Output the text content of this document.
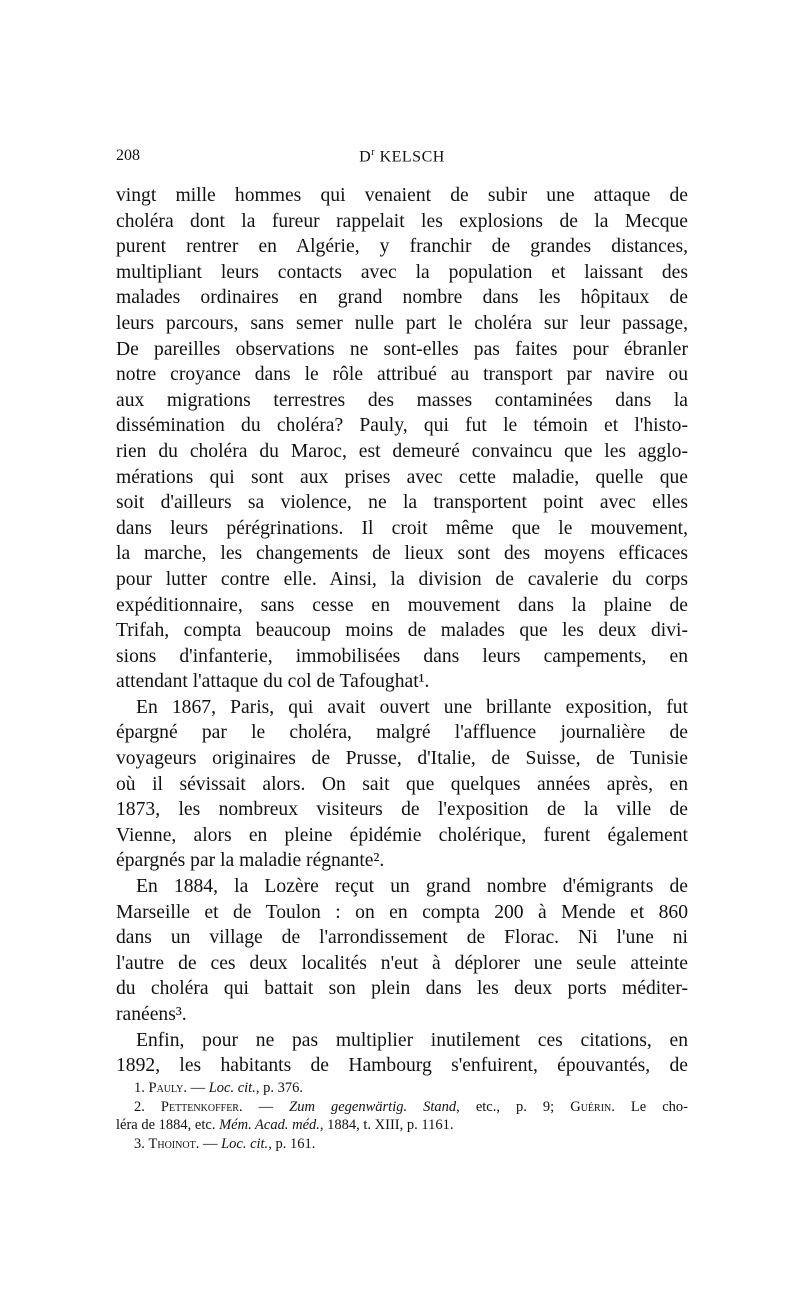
208	$D^r$ KELSCH
vingt mille hommes qui venaient de subir une attaque de
choléra dont la fureur rappelait les explosions de la Mecque
purent rentrer en Algérie, y franchir de grandes distances,
multipliant leurs contacts avec la population et laissant des
malades ordinaires en grand nombre dans les hôpitaux de
leurs parcours, sans semer nulle part le choléra sur leur passage,
De pareilles observations ne sont-elles pas faites pour ébranler
notre croyance dans le rôle attribué au transport par navire ou
aux migrations terrestres des masses contaminées dans la
dissémination du choléra? Pauly, qui fut le témoin et l'histo-
rien du choléra du Maroc, est demeuré convaincu que les agglo-
mérations qui sont aux prises avec cette maladie, quelle que
soit d'ailleurs sa violence, ne la transportent point avec elles
dans leurs pérégrinations. Il croit même que le mouvement,
la marche, les changements de lieux sont des moyens efficaces
pour lutter contre elle. Ainsi, la division de cavalerie du corps
expéditionnaire, sans cesse en mouvement dans la plaine de
Trifah, compta beaucoup moins de malades que les deux divi-
sions d'infanterie, immobilisées dans leurs campements, en
attendant l'attaque du col de Tafoughat¹.
En 1867, Paris, qui avait ouvert une brillante exposition, fut
épargné par le choléra, malgré l'affluence journalière de
voyageurs originaires de Prusse, d'Italie, de Suisse, de Tunisie
où il sévissait alors. On sait que quelques années après, en
1873, les nombreux visiteurs de l'exposition de la ville de
Vienne, alors en pleine épidémie cholérique, furent également
épargnés par la maladie régnante².
En 1884, la Lozère reçut un grand nombre d'émigrants de
Marseille et de Toulon : on en compta 200 à Mende et 860
dans un village de l'arrondissement de Florac. Ni l'une ni
l'autre de ces deux localités n'eut à déplorer une seule atteinte
du choléra qui battait son plein dans les deux ports méditer-
ranéens³.
Enfin, pour ne pas multiplier inutilement ces citations, en
1892, les habitants de Hambourg s'enfuirent, épouvantés, de
1. Pauly. — Loc. cit., p. 376.
2. Pettenkoffer. — Zum gegenwärtig. Stand, etc., p. 9; Guérin. Le cho-
léra de 1884, etc. Mém. Acad. méd., 1884, t. XIII, p. 1161.
3. Thoinot. — Loc. cit., p. 161.
